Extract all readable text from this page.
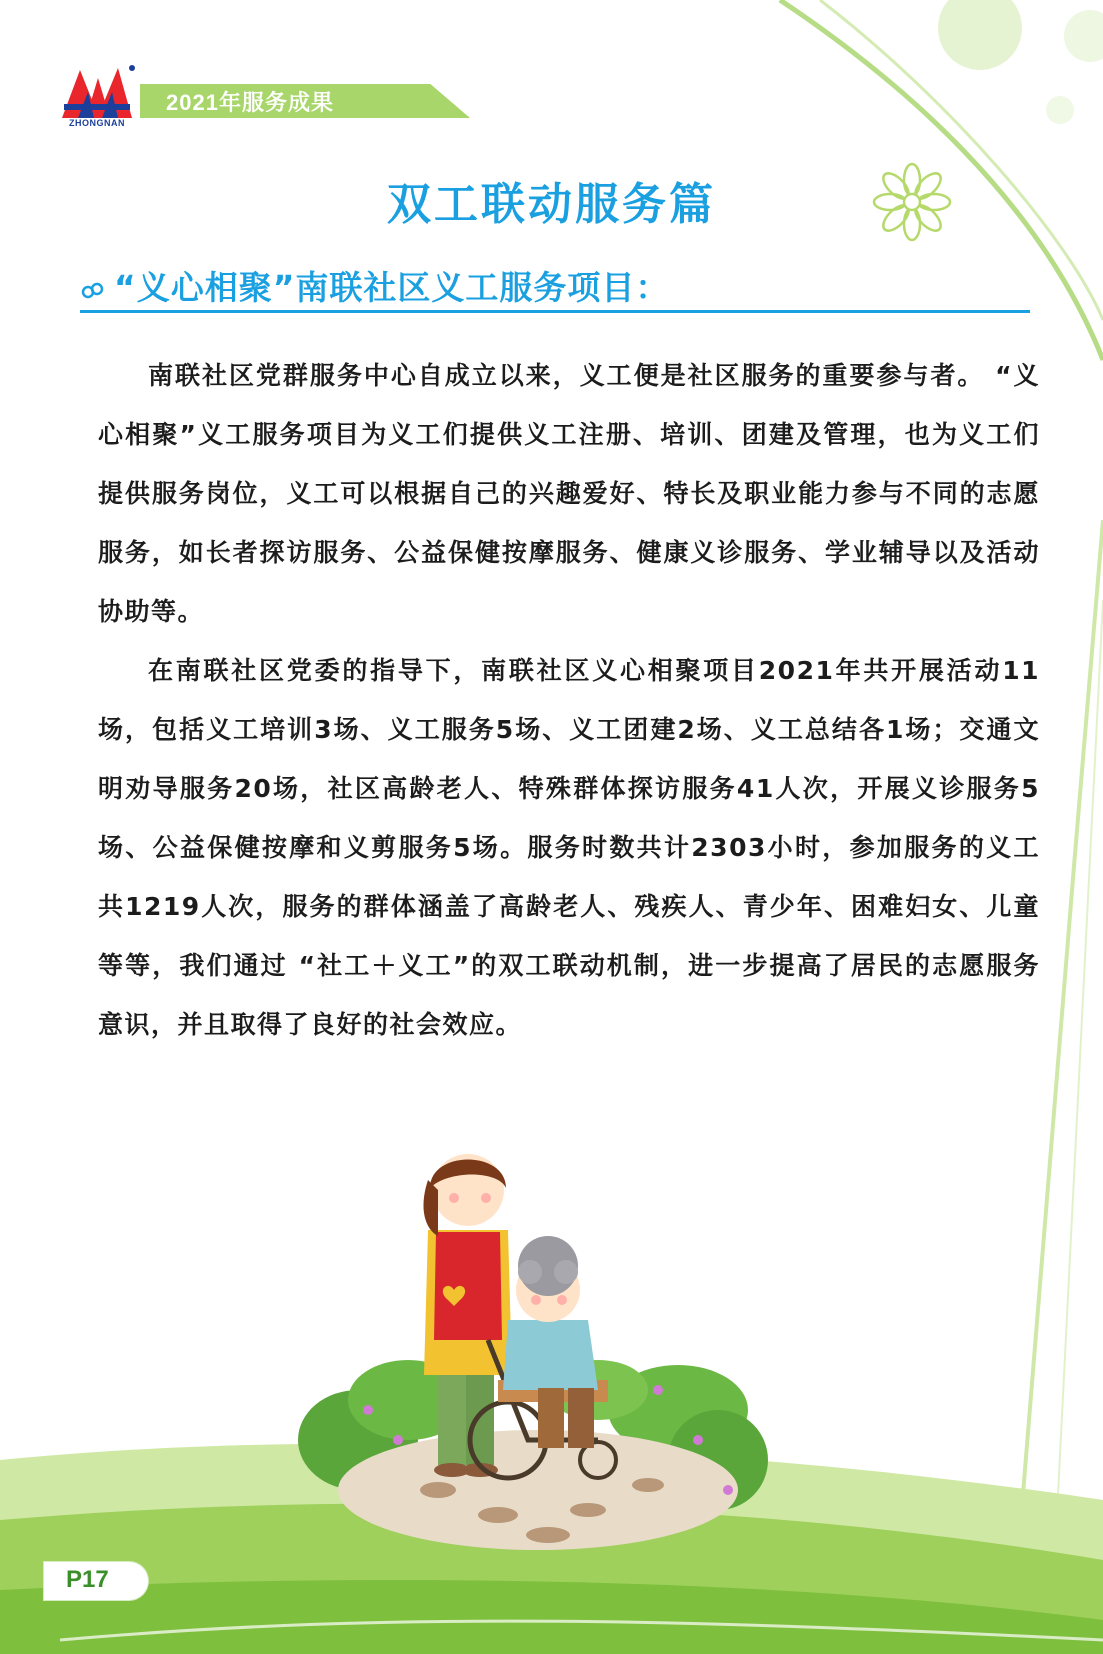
ZHONGNAN
2021年服务成果
双工联动服务篇
“义心相聚”南联社区义工服务项目：

南联社区党群服务中心自成立以来，义工便是社区服务的重要参与者。 “义心相聚”义工服务项目为义工们提供义工注册、培训、团建及管理，也为义工们提供服务岗位，义工可以根据自己的兴趣爱好、特长及职业能力参与不同的志愿服务，如长者探访服务、公益保健按摩服务、健康义诊服务、学业辅导以及活动协助等。

在南联社区党委的指导下，南联社区义心相聚项目2021年共开展活动11场，包括义工培训3场、义工服务5场、义工团建2场、义工总结各1场；交通文明劝导服务20场，社区高龄老人、特殊群体探访服务41人次，开展义诊服务5场、公益保健按摩和义剪服务5场。服务时数共计2303小时，参加服务的义工共1219人次，服务的群体涵盖了高龄老人、残疾人、青少年、困难妇女、儿童等等，我们通过 “社工＋义工”的双工联动机制，进一步提高了居民的志愿服务意识，并且取得了良好的社会效应。

P17
